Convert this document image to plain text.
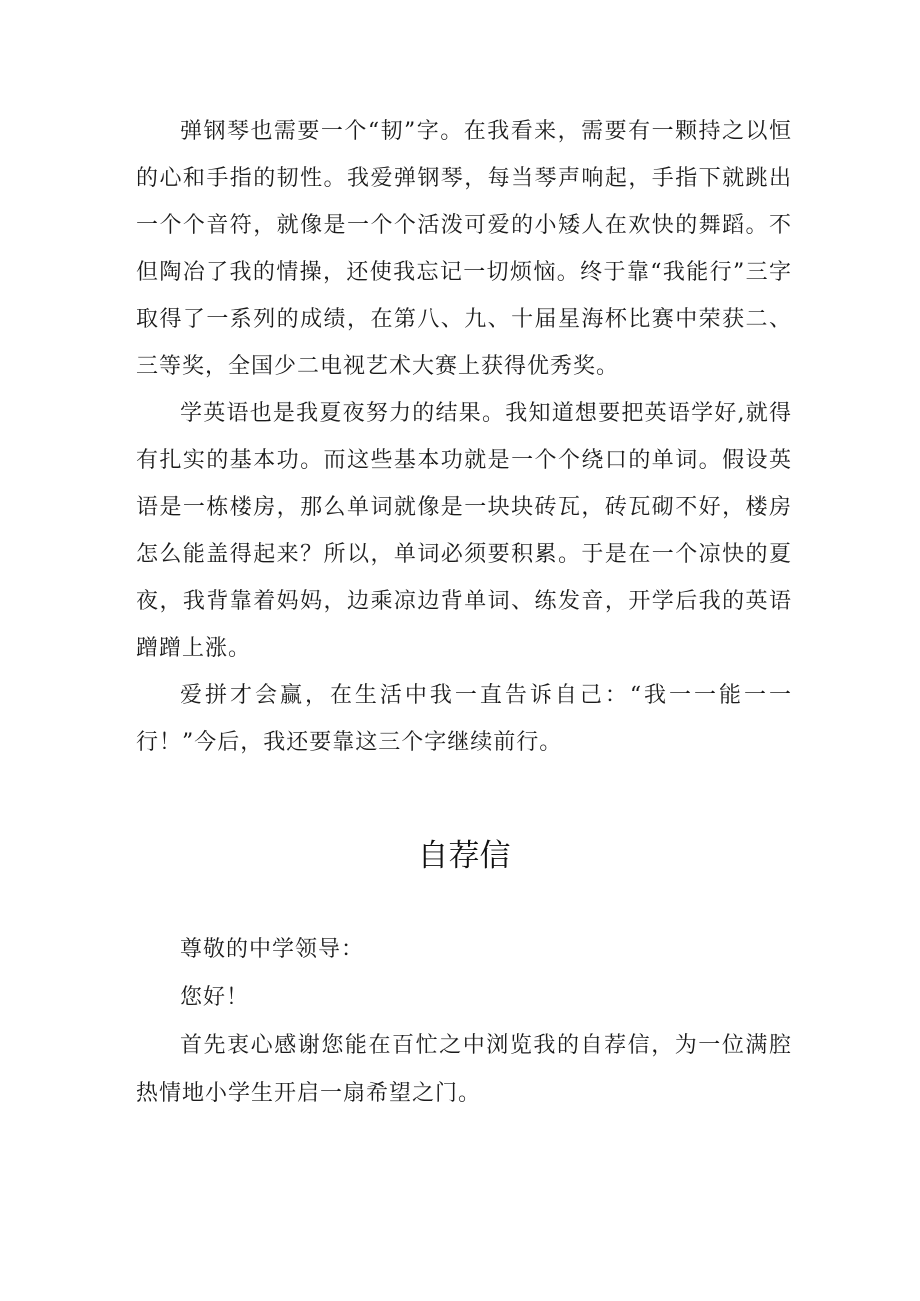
弹钢琴也需要一个“韧”字。在我看来，需要有一颗持之以恒的心和手指的韧性。我爱弹钢琴，每当琴声响起，手指下就跳出一个个音符，就像是一个个活泼可爱的小矮人在欢快的舞蹈。不但陶冶了我的情操，还使我忘记一切烦恼。终于靠“我能行”三字取得了一系列的成绩，在第八、九、十届星海杯比赛中荣获二、三等奖，全国少二电视艺术大赛上获得优秀奖。

学英语也是我夏夜努力的结果。我知道想要把英语学好,就得有扎实的基本功。而这些基本功就是一个个绕口的单词。假设英语是一栋楼房，那么单词就像是一块块砖瓦，砖瓦砌不好，楼房怎么能盖得起来？所以，单词必须要积累。于是在一个凉快的夏夜，我背靠着妈妈，边乘凉边背单词、练发音，开学后我的英语蹭蹭上涨。

爱拼才会赢，在生活中我一直告诉自己：“我一一能一一行！”今后，我还要靠这三个字继续前行。

自荐信

尊敬的中学领导：

您好！

首先衷心感谢您能在百忙之中浏览我的自荐信，为一位满腔热情地小学生开启一扇希望之门。
